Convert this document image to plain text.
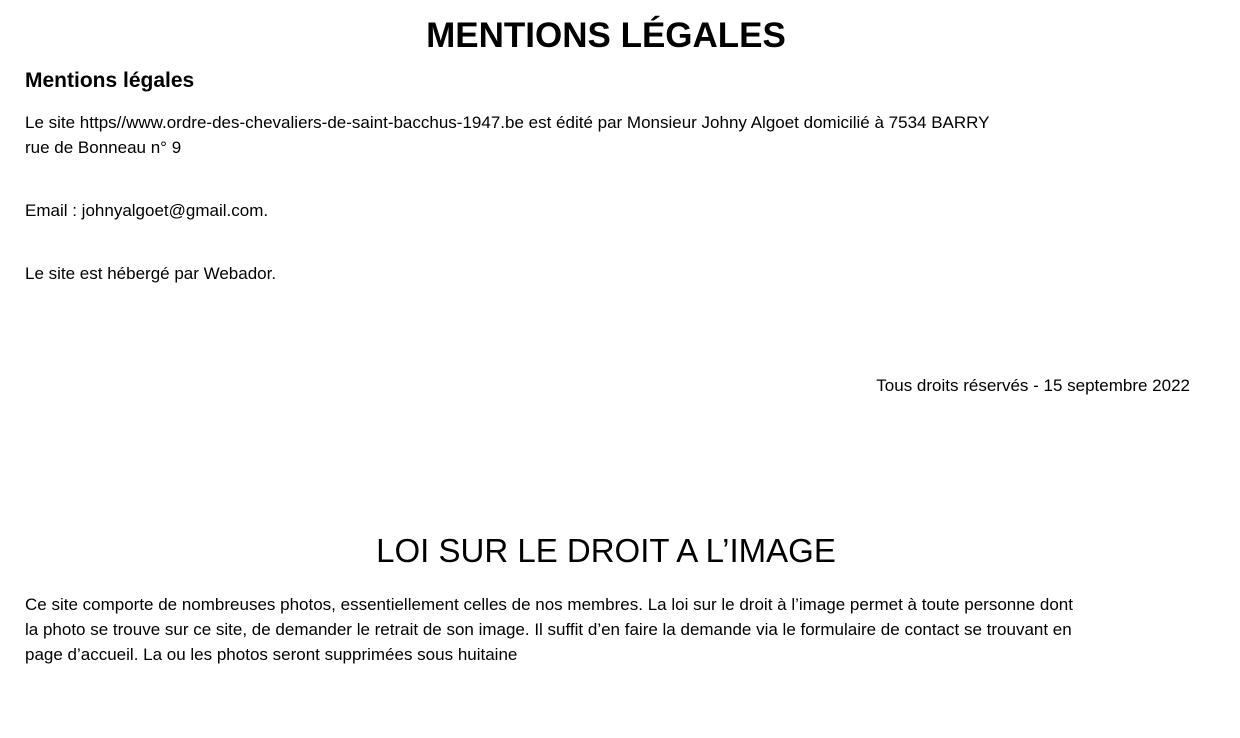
MENTIONS LÉGALES
Mentions légales

Le site https//www.ordre-des-chevaliers-de-saint-bacchus-1947.be est édité par Monsieur Johny Algoet domicilié à 7534 BARRY
rue de Bonneau n° 9

Email : johnyalgoet@gmail.com.

Le site est hébergé par Webador.

Tous droits réservés - 15 septembre 2022

LOI SUR LE DROIT A L’IMAGE

Ce site comporte de nombreuses photos, essentiellement celles de nos membres. La loi sur le droit à l’image permet à toute personne dont
la photo se trouve sur ce site, de demander le retrait de son image. Il suffit d’en faire la demande via le formulaire de contact se trouvant en
page d’accueil. La ou les photos seront supprimées sous huitaine
